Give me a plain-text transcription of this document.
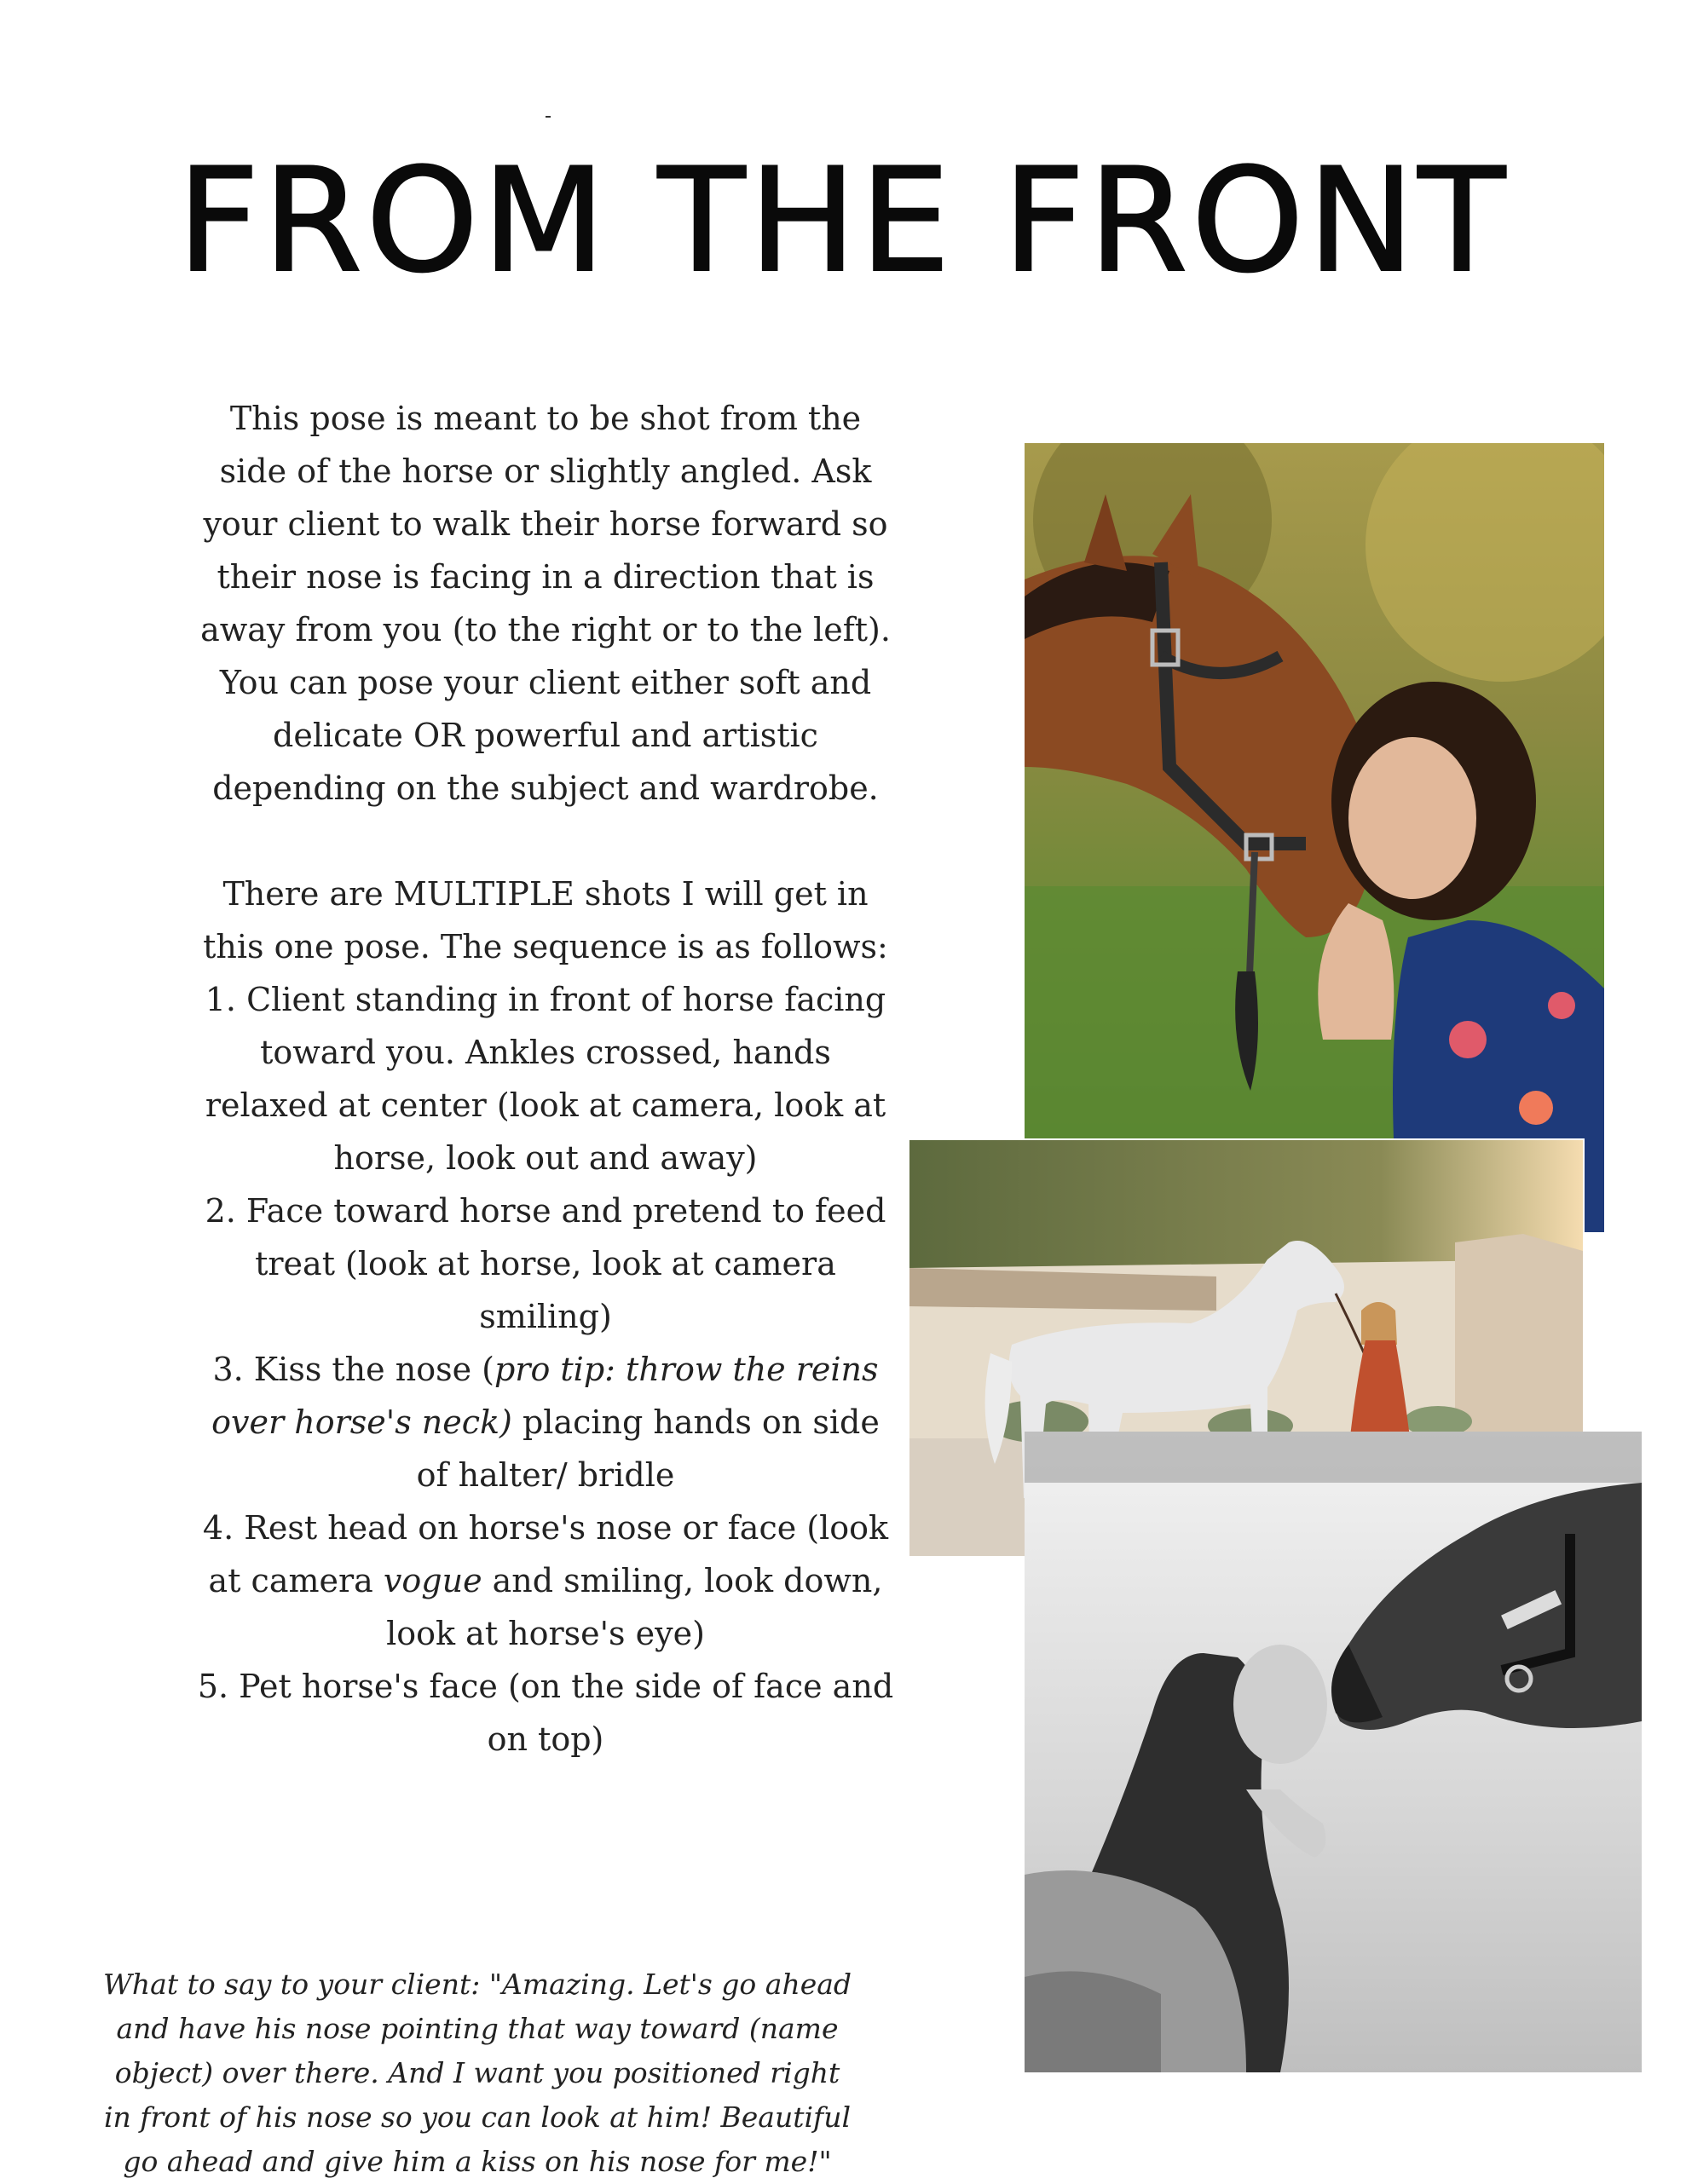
FROM THE FRONT

This pose is meant to be shot from the side of the horse or slightly angled. Ask your client to walk their horse forward so their nose is facing in a direction that is away from you (to the right or to the left). You can pose your client either soft and delicate OR powerful and artistic depending on the subject and wardrobe.

There are MULTIPLE shots I will get in this one pose. The sequence is as follows:

1. Client standing in front of horse facing toward you. Ankles crossed, hands relaxed at center (look at camera, look at horse, look out and away)
2. Face toward horse and pretend to feed treat (look at horse, look at camera smiling)
3. Kiss the nose (pro tip: throw the reins over horse's neck) placing hands on side of halter/ bridle
4. Rest head on horse's nose or face (look at camera vogue and smiling, look down, look at horse's eye)
5. Pet horse's face (on the side of face and on top)

What to say to your client: "Amazing. Let's go ahead and have his nose pointing that way toward (name object) over there. And I want you positioned right in front of his nose so you can look at him! Beautiful go ahead and give him a kiss on his nose for me!"
